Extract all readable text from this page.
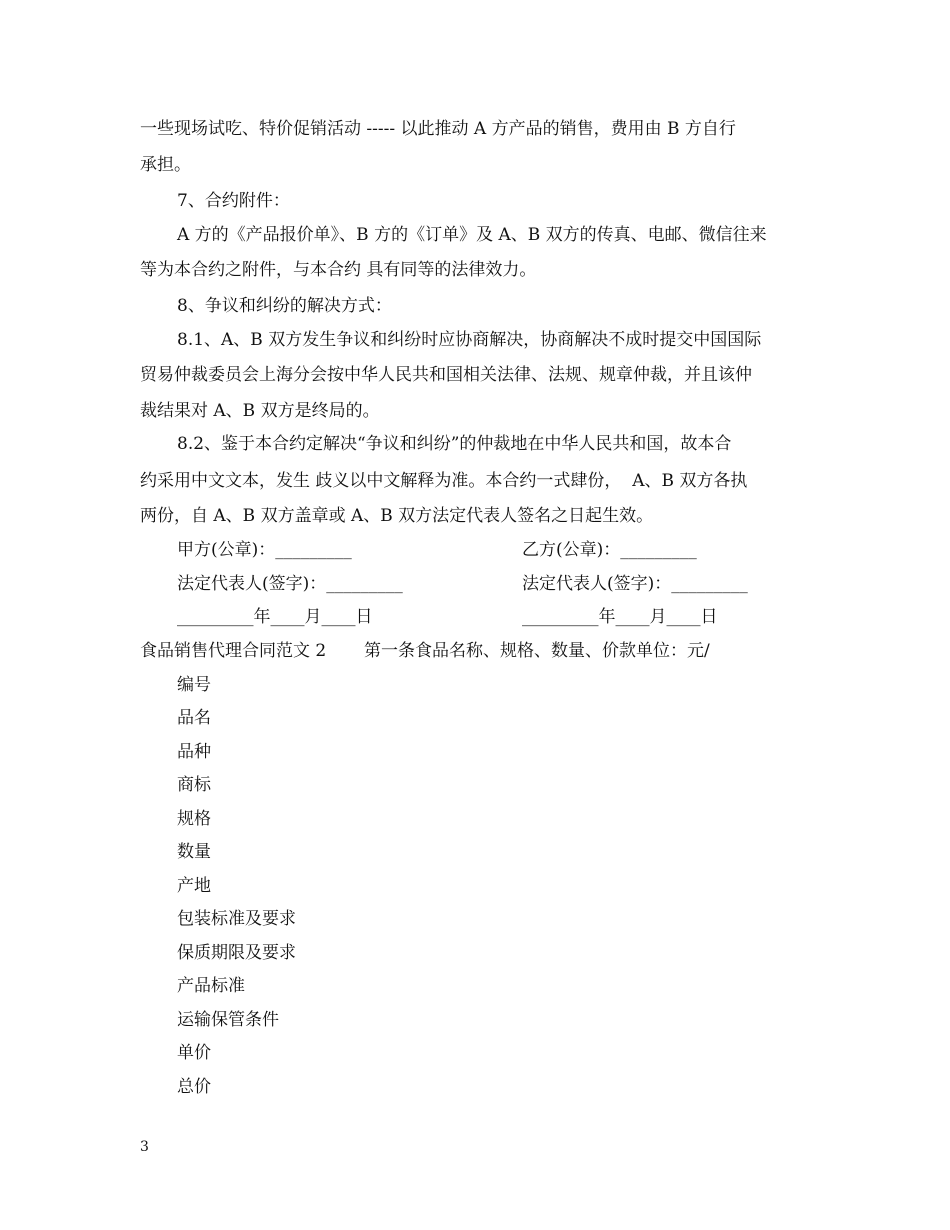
一些现场试吃、特价促销活动 ----- 以此推动 A 方产品的销售，费用由 B 方自行
承担。
7、合约附件：
A 方的《产品报价单》、B 方的《订单》及 A、B 双方的传真、电邮、微信往来
等为本合约之附件，与本合约 具有同等的法律效力。
8、争议和纠纷的解决方式：
8.1、A、B 双方发生争议和纠纷时应协商解决，协商解决不成时提交中国国际
贸易仲裁委员会上海分会按中华人民共和国相关法律、法规、规章仲裁，并且该仲
裁结果对 A、B 双方是终局的。
8.2、鉴于本合约定解决“争议和纠纷”的仲裁地在中华人民共和国，故本合
约采用中文文本，发生 歧义以中文解释为准。本合约一式肆份，  A、B 双方各执
两份，自 A、B 双方盖章或 A、B 双方法定代表人签名之日起生效。
甲方(公章)：_________	乙方(公章)：_________
法定代表人(签字)：_________	法定代表人(签字)：_________
_________年____月____日	_________年____月____日
食品销售代理合同范文 2       第一条食品名称、规格、数量、价款单位：元/
编号
品名
品种
商标
规格
数量
产地
包装标准及要求
保质期限及要求
产品标准
运输保管条件
单价
总价
3
